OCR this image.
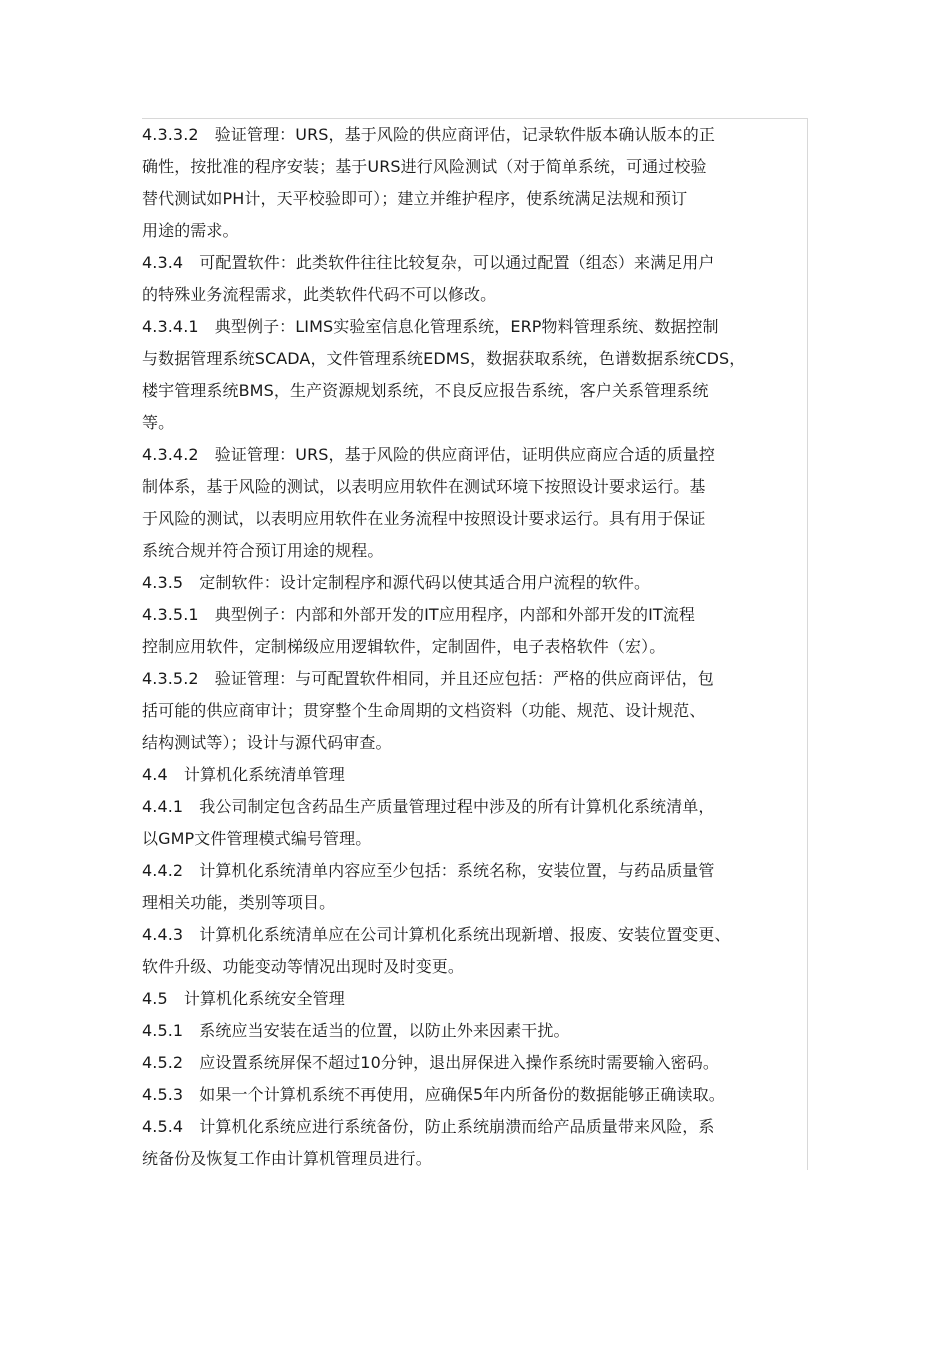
4.3.3.2　验证管理：URS，基于风险的供应商评估，记录软件版本确认版本的正
确性，按批准的程序安装；基于URS进行风险测试（对于简单系统，可通过校验
替代测试如PH计，天平校验即可）；建立并维护程序，使系统满足法规和预订
用途的需求。
4.3.4　可配置软件：此类软件往往比较复杂，可以通过配置（组态）来满足用户
的特殊业务流程需求，此类软件代码不可以修改。
4.3.4.1　典型例子：LIMS实验室信息化管理系统，ERP物料管理系统、数据控制
与数据管理系统SCADA，文件管理系统EDMS，数据获取系统，色谱数据系统CDS，
楼宇管理系统BMS，生产资源规划系统，不良反应报告系统，客户关系管理系统
等。
4.3.4.2　验证管理：URS，基于风险的供应商评估，证明供应商应合适的质量控
制体系，基于风险的测试，以表明应用软件在测试环境下按照设计要求运行。基
于风险的测试，以表明应用软件在业务流程中按照设计要求运行。具有用于保证
系统合规并符合预订用途的规程。
4.3.5　定制软件：设计定制程序和源代码以使其适合用户流程的软件。
4.3.5.1　典型例子：内部和外部开发的IT应用程序，内部和外部开发的IT流程
控制应用软件，定制梯级应用逻辑软件，定制固件，电子表格软件（宏）。
4.3.5.2　验证管理：与可配置软件相同，并且还应包括：严格的供应商评估，包
括可能的供应商审计；贯穿整个生命周期的文档资料（功能、规范、设计规范、
结构测试等）；设计与源代码审查。
4.4　计算机化系统清单管理
4.4.1　我公司制定包含药品生产质量管理过程中涉及的所有计算机化系统清单，
以GMP文件管理模式编号管理。
4.4.2　计算机化系统清单内容应至少包括：系统名称，安装位置，与药品质量管
理相关功能，类别等项目。
4.4.3　计算机化系统清单应在公司计算机化系统出现新增、报废、安装位置变更、
软件升级、功能变动等情况出现时及时变更。
4.5　计算机化系统安全管理
4.5.1　系统应当安装在适当的位置，以防止外来因素干扰。
4.5.2　应设置系统屏保不超过10分钟，退出屏保进入操作系统时需要输入密码。
4.5.3　如果一个计算机系统不再使用，应确保5年内所备份的数据能够正确读取。
4.5.4　计算机化系统应进行系统备份，防止系统崩溃而给产品质量带来风险，系
统备份及恢复工作由计算机管理员进行。
